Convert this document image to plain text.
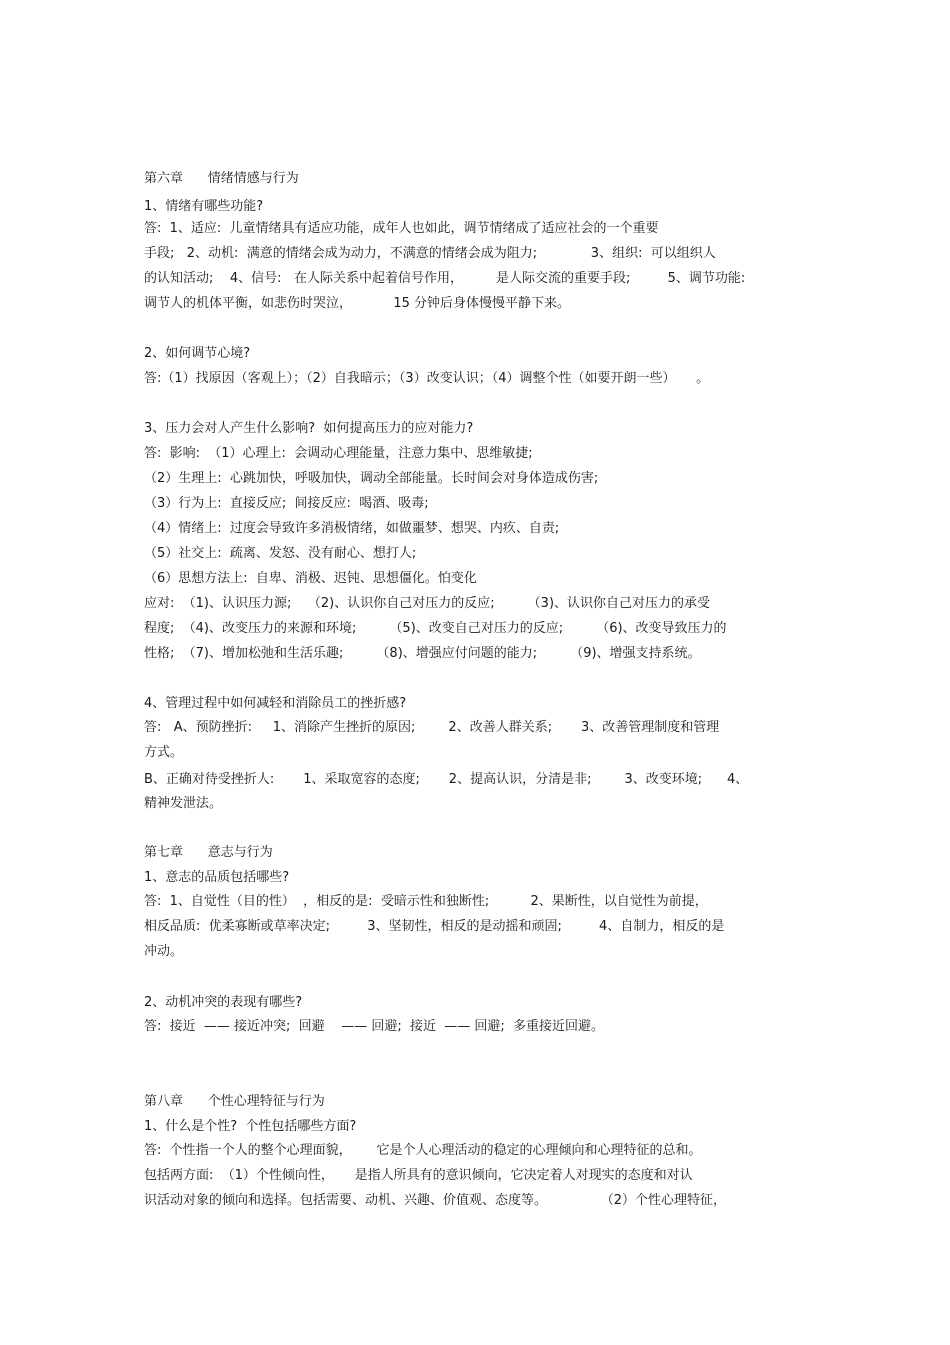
第六章      情绪情感与行为
1、情绪有哪些功能?
答:  1、适应:  儿童情绪具有适应功能，成年人也如此，调节情绪成了适应社会的一个重要
手段;   2、动机:  满意的情绪会成为动力，不满意的情绪会成为阻力;             3、组织:  可以组织人
的认知活动;    4、信号:   在人际关系中起着信号作用，        是人际交流的重要手段;         5、调节功能:
调节人的机体平衡，如悲伤时哭泣，          15 分钟后身体慢慢平静下来。
2、如何调节心境?
答:（1）找原因（客观上）；（2）自我暗示；（3）改变认识；（4）调整个性（如要开朗一些）     。
3、压力会对人产生什么影响?  如何提高压力的应对能力?
答:  影响:  （1）心理上:  会调动心理能量，注意力集中、思维敏捷;
（2）生理上:  心跳加快，呼吸加快，调动全部能量。长时间会对身体造成伤害;
（3）行为上:  直接反应;  间接反应:  喝酒、吸毒;
（4）情绪上:  过度会导致许多消极情绪，如做噩梦、想哭、内疚、自责;
（5）社交上:  疏离、发怒、没有耐心、想打人;
（6）思想方法上:  自卑、消极、迟钝、思想僵化。怕变化
应对:  （1)、认识压力源;    （2)、认识你自己对压力的反应;        （3)、认识你自己对压力的承受
程度;  （4)、改变压力的来源和环境;        （5)、改变自己对压力的反应;        （6)、改变导致压力的
性格;  （7)、增加松弛和生活乐趣;        （8)、增强应付问题的能力;        （9)、增强支持系统。
4、管理过程中如何减轻和消除员工的挫折感?
答:   A、预防挫折:     1、消除产生挫折的原因;        2、改善人群关系;       3、改善管理制度和管理
方式。
B、正确对待受挫折人:       1、采取宽容的态度;       2、提高认识，分清是非;        3、改变环境;      4、
精神发泄法。
第七章      意志与行为
1、意志的品质包括哪些?
答:  1、自觉性（目的性）  ，相反的是:  受暗示性和独断性;          2、果断性，以自觉性为前提，
相反品质:  优柔寡断或草率决定;         3、坚韧性，相反的是动摇和顽固;         4、自制力，相反的是
冲动。
2、动机冲突的表现有哪些?
答:  接近  —— 接近冲突;  回避    —— 回避;  接近  —— 回避;  多重接近回避。
第八章      个性心理特征与行为
1、什么是个性?  个性包括哪些方面?
答:  个性指一个人的整个心理面貌，      它是个人心理活动的稳定的心理倾向和心理特征的总和。
包括两方面:  （1）个性倾向性，     是指人所具有的意识倾向，它决定着人对现实的态度和对认
识活动对象的倾向和选择。包括需要、动机、兴趣、价值观、态度等。             （2）个性心理特征，
